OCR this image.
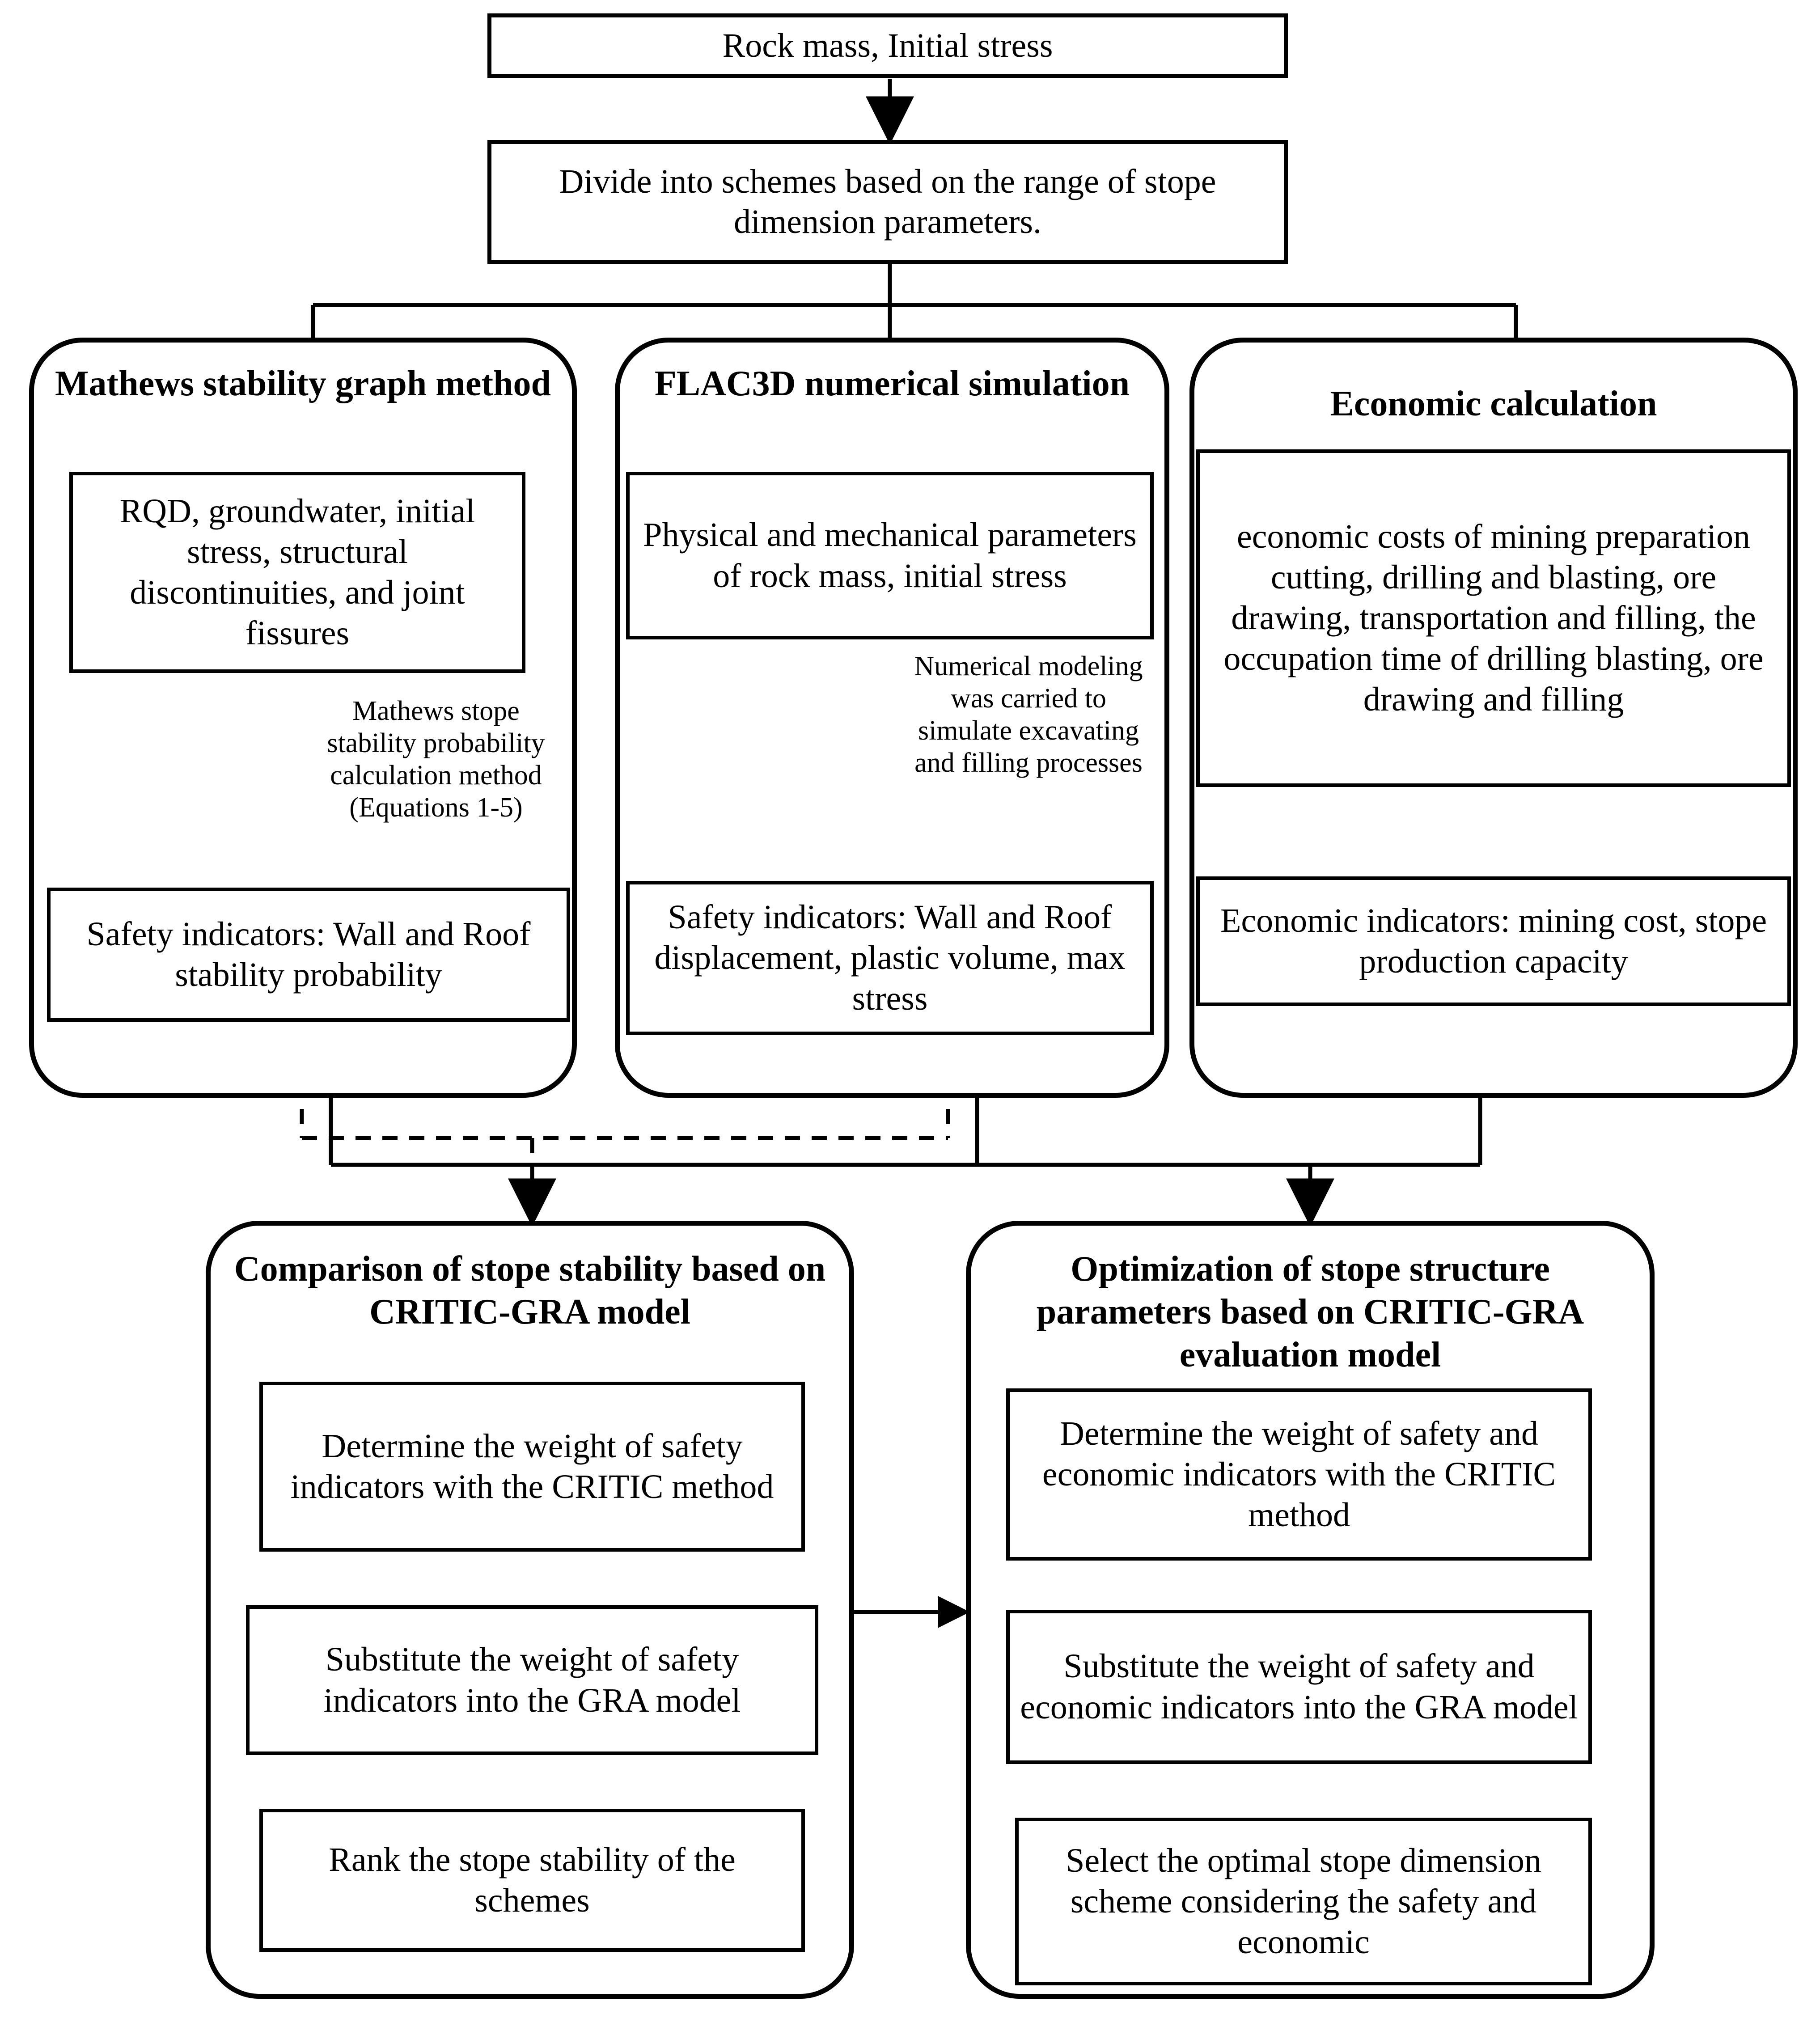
Rock mass, Initial stress
Divide into schemes based on the range of stope dimension parameters.
Mathews stability graph method
RQD, groundwater, initial stress, structural discontinuities, and joint fissures
Mathews stope stability probability calculation method (Equations 1-5)
Safety indicators: Wall and Roof stability probability
FLAC3D numerical simulation
Physical and mechanical parameters of rock mass, initial stress
Numerical modeling was carried to simulate excavating and filling processes
Safety indicators: Wall and Roof displacement, plastic volume, max stress
Economic calculation
economic costs of mining preparation cutting, drilling and blasting, ore drawing, transportation and filling, the occupation time of drilling blasting, ore drawing and filling
Economic indicators: mining cost, stope production capacity
Comparison of stope stability based on CRITIC-GRA model
Determine the weight of safety indicators with the CRITIC method
Substitute the weight of safety indicators into the GRA model
Rank the stope stability of the schemes
Optimization of stope structure parameters based on CRITIC-GRA evaluation model
Determine the weight of safety and economic indicators with the CRITIC method
Substitute the weight of safety and economic indicators into the GRA model
Select the optimal stope dimension scheme considering the safety and economic
